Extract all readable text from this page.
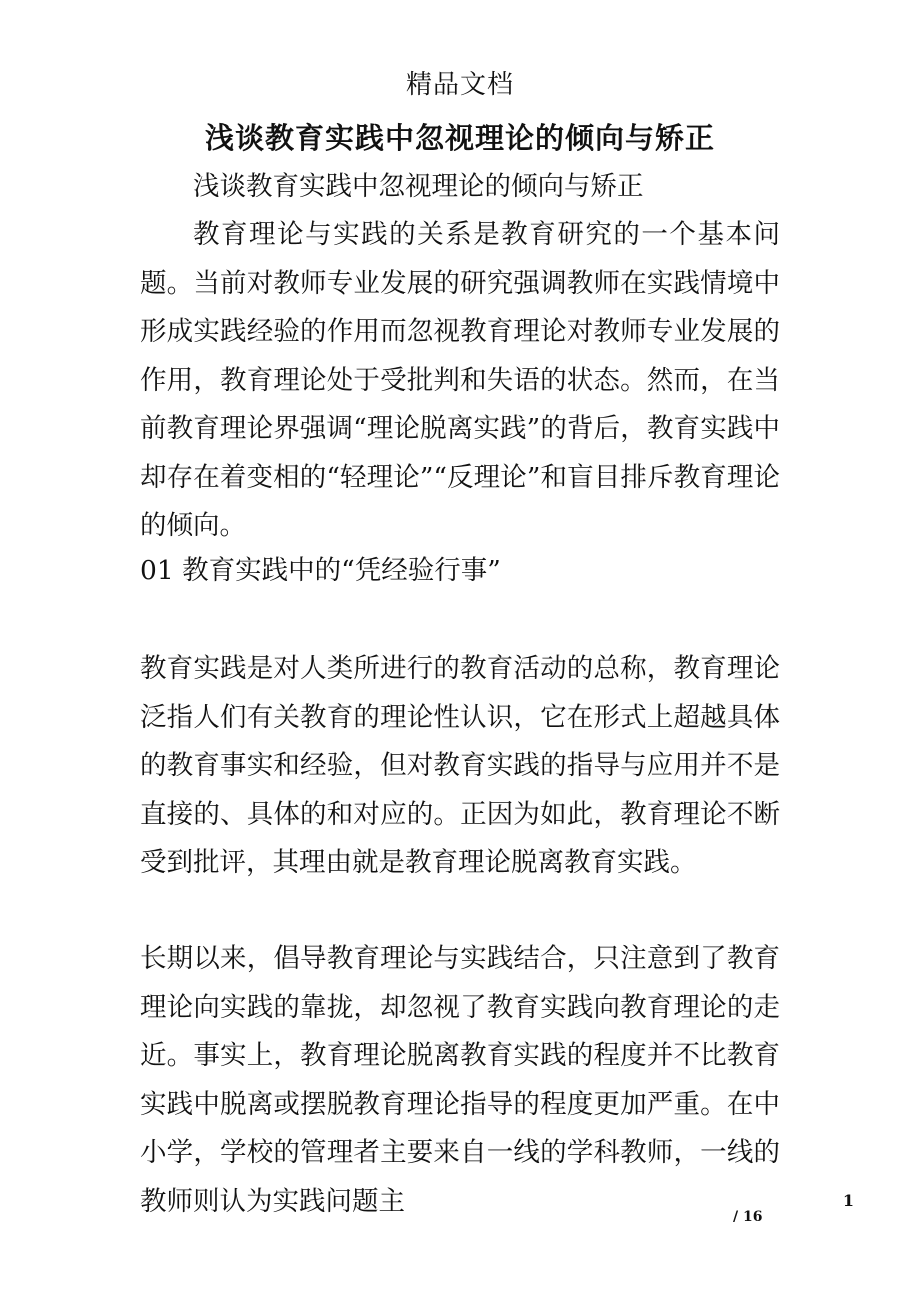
精品文档
浅谈教育实践中忽视理论的倾向与矫正

浅谈教育实践中忽视理论的倾向与矫正

教育理论与实践的关系是教育研究的一个基本问题。当前对教师专业发展的研究强调教师在实践情境中形成实践经验的作用而忽视教育理论对教师专业发展的作用，教育理论处于受批判和失语的状态。然而，在当前教育理论界强调“理论脱离实践”的背后，教育实践中却存在着变相的“轻理论”“反理论”和盲目排斥教育理论的倾向。

01 教育实践中的“凭经验行事”

教育实践是对人类所进行的教育活动的总称，教育理论泛指人们有关教育的理论性认识，它在形式上超越具体的教育事实和经验，但对教育实践的指导与应用并不是直接的、具体的和对应的。正因为如此，教育理论不断受到批评，其理由就是教育理论脱离教育实践。

长期以来，倡导教育理论与实践结合，只注意到了教育理论向实践的靠拢，却忽视了教育实践向教育理论的走近。事实上，教育理论脱离教育实践的程度并不比教育实践中脱离或摆脱教育理论指导的程度更加严重。在中小学，学校的管理者主要来自一线的学科教师，一线的教师则认为实践问题主	1
/ 16
